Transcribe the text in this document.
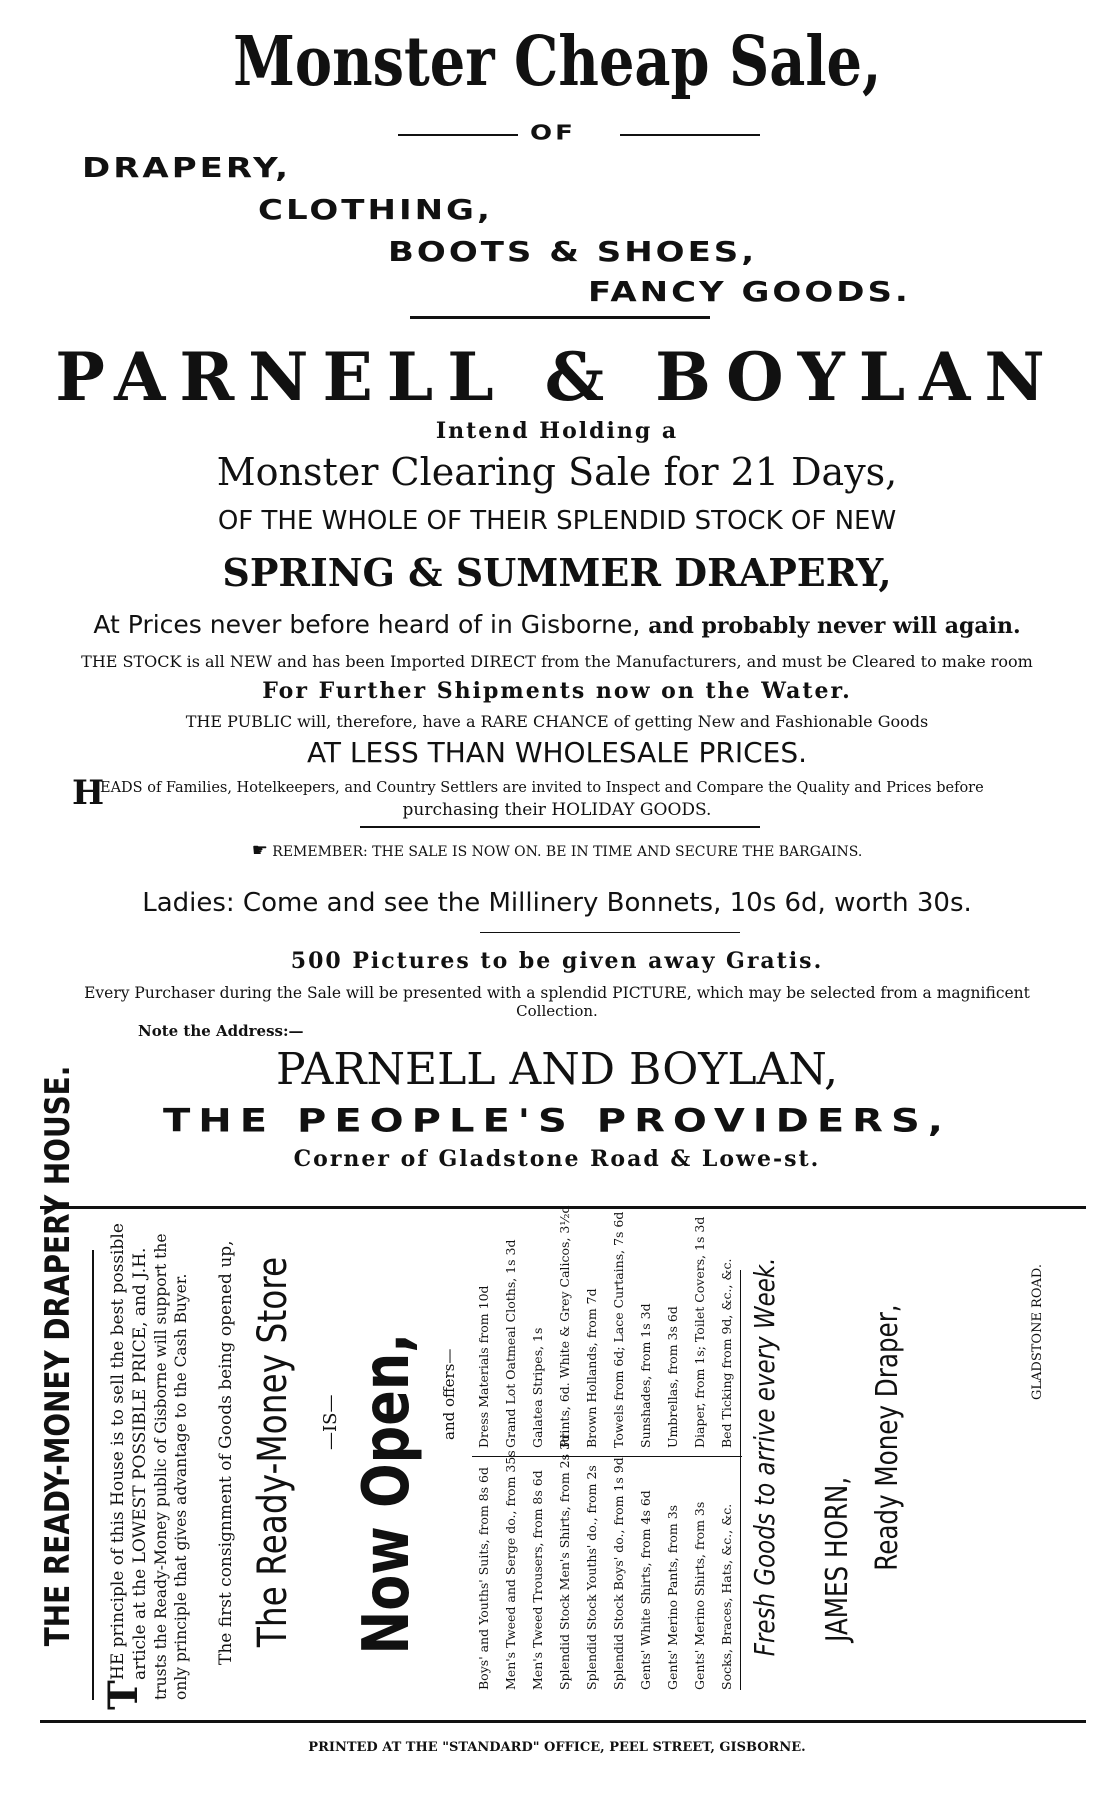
Monster Cheap Sale,
OF
DRAPERY,
CLOTHING,
BOOTS & SHOES,
FANCY GOODS.
PARNELL & BOYLAN
Intend Holding a
Monster Clearing Sale for 21 Days,
OF THE WHOLE OF THEIR SPLENDID STOCK OF NEW
SPRING & SUMMER DRAPERY,
At Prices never before heard of in Gisborne, and probably never will again.
THE STOCK is all NEW and has been Imported DIRECT from the Manufacturers, and must be Cleared to make room
For Further Shipments now on the Water.
THE PUBLIC will, therefore, have a RARE CHANCE of getting New and Fashionable Goods
AT LESS THAN WHOLESALE PRICES.
H
EADS of Families, Hotelkeepers, and Country Settlers are invited to Inspect and Compare the Quality and Prices before
purchasing their HOLIDAY GOODS.
☛ REMEMBER: THE SALE IS NOW ON. BE IN TIME AND SECURE THE BARGAINS.
Ladies: Come and see the Millinery Bonnets, 10s 6d, worth 30s.
500 Pictures to be given away Gratis.
Every Purchaser during the Sale will be presented with a splendid PICTURE, which may be selected from a magnificent
Collection.
Note the Address:—
PARNELL AND BOYLAN,
THE PEOPLE'S PROVIDERS,
Corner of Gladstone Road & Lowe-st.
THE READY-MONEY DRAPERY HOUSE.
T
HE principle of this House is to sell the best possible article at the LOWEST POSSIBLE PRICE, and J.H. trusts the Ready-Money public of Gisborne will support the only principle that gives advantage to the Cash Buyer. The first consignment of Goods being opened up, The Ready-Money Store —IS— Now Open, and offers—
Boys' and Youths' Suits, from 8s 6d Men's Tweed and Serge do., from 35s Men's Tweed Trousers, from 8s 6d Splendid Stock Men's Shirts, from 2s 3d Splendid Stock Youths' do., from 2s Splendid Stock Boys' do., from 1s 9d Gents' White Shirts, from 4s 6d Gents' Merino Pants, from 3s Gents' Merino Shirts, from 3s Socks, Braces, Hats, &c., &c.
Dress Materials from 10d Grand Lot Oatmeal Cloths, 1s 3d Galatea Stripes, 1s Prints, 6d. White & Grey Calicos, 3½d Brown Hollands, from 7d Towels from 6d; Lace Curtains, 7s 6d Sunshades, from 1s 3d Umbrellas, from 3s 6d Diaper, from 1s; Toilet Covers, 1s 3d Bed Ticking from 9d, &c., &c. Fresh Goods to arrive every Week. JAMES HORN, Ready Money Draper,	GLADSTONE ROAD.
PRINTED AT THE "STANDARD" OFFICE, PEEL STREET, GISBORNE.
